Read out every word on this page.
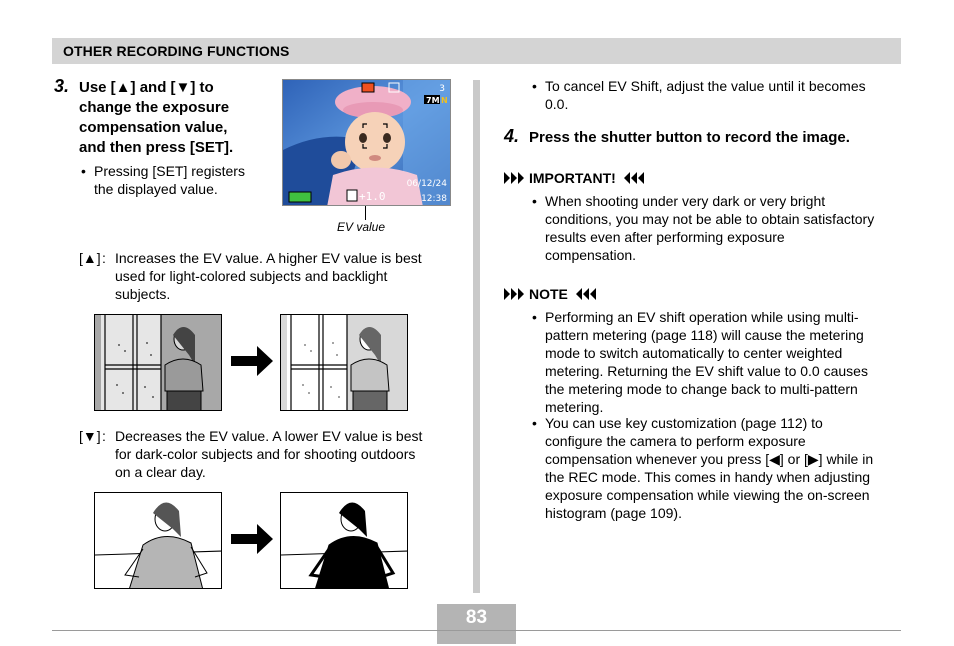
OTHER RECORDING FUNCTIONS
3. Use [▲] and [▼] to
change the exposure
compensation value,
and then press [SET].
• Pressing [SET] registers
the displayed value.
3
7M N
+1.0
06/12/24
12:38
EV value
[▲] : Increases the EV value. A higher EV value is best
used for light-colored subjects and backlight
subjects.
[▼] : Decreases the EV value. A lower EV value is best
for dark-color subjects and for shooting outdoors
on a clear day.
• To cancel EV Shift, adjust the value until it becomes
0.0.
4. Press the shutter button to record the image.
IMPORTANT!
• When shooting under very dark or very bright
conditions, you may not be able to obtain satisfactory
results even after performing exposure
compensation.
NOTE
• Performing an EV shift operation while using multi-
pattern metering (page 118) will cause the metering
mode to switch automatically to center weighted
metering. Returning the EV shift value to 0.0 causes
the metering mode to change back to multi-pattern
metering.
• You can use key customization (page 112) to
configure the camera to perform exposure
compensation whenever you press [◀] or [▶] while in
the REC mode. This comes in handy when adjusting
exposure compensation while viewing the on-screen
histogram (page 109).
83
